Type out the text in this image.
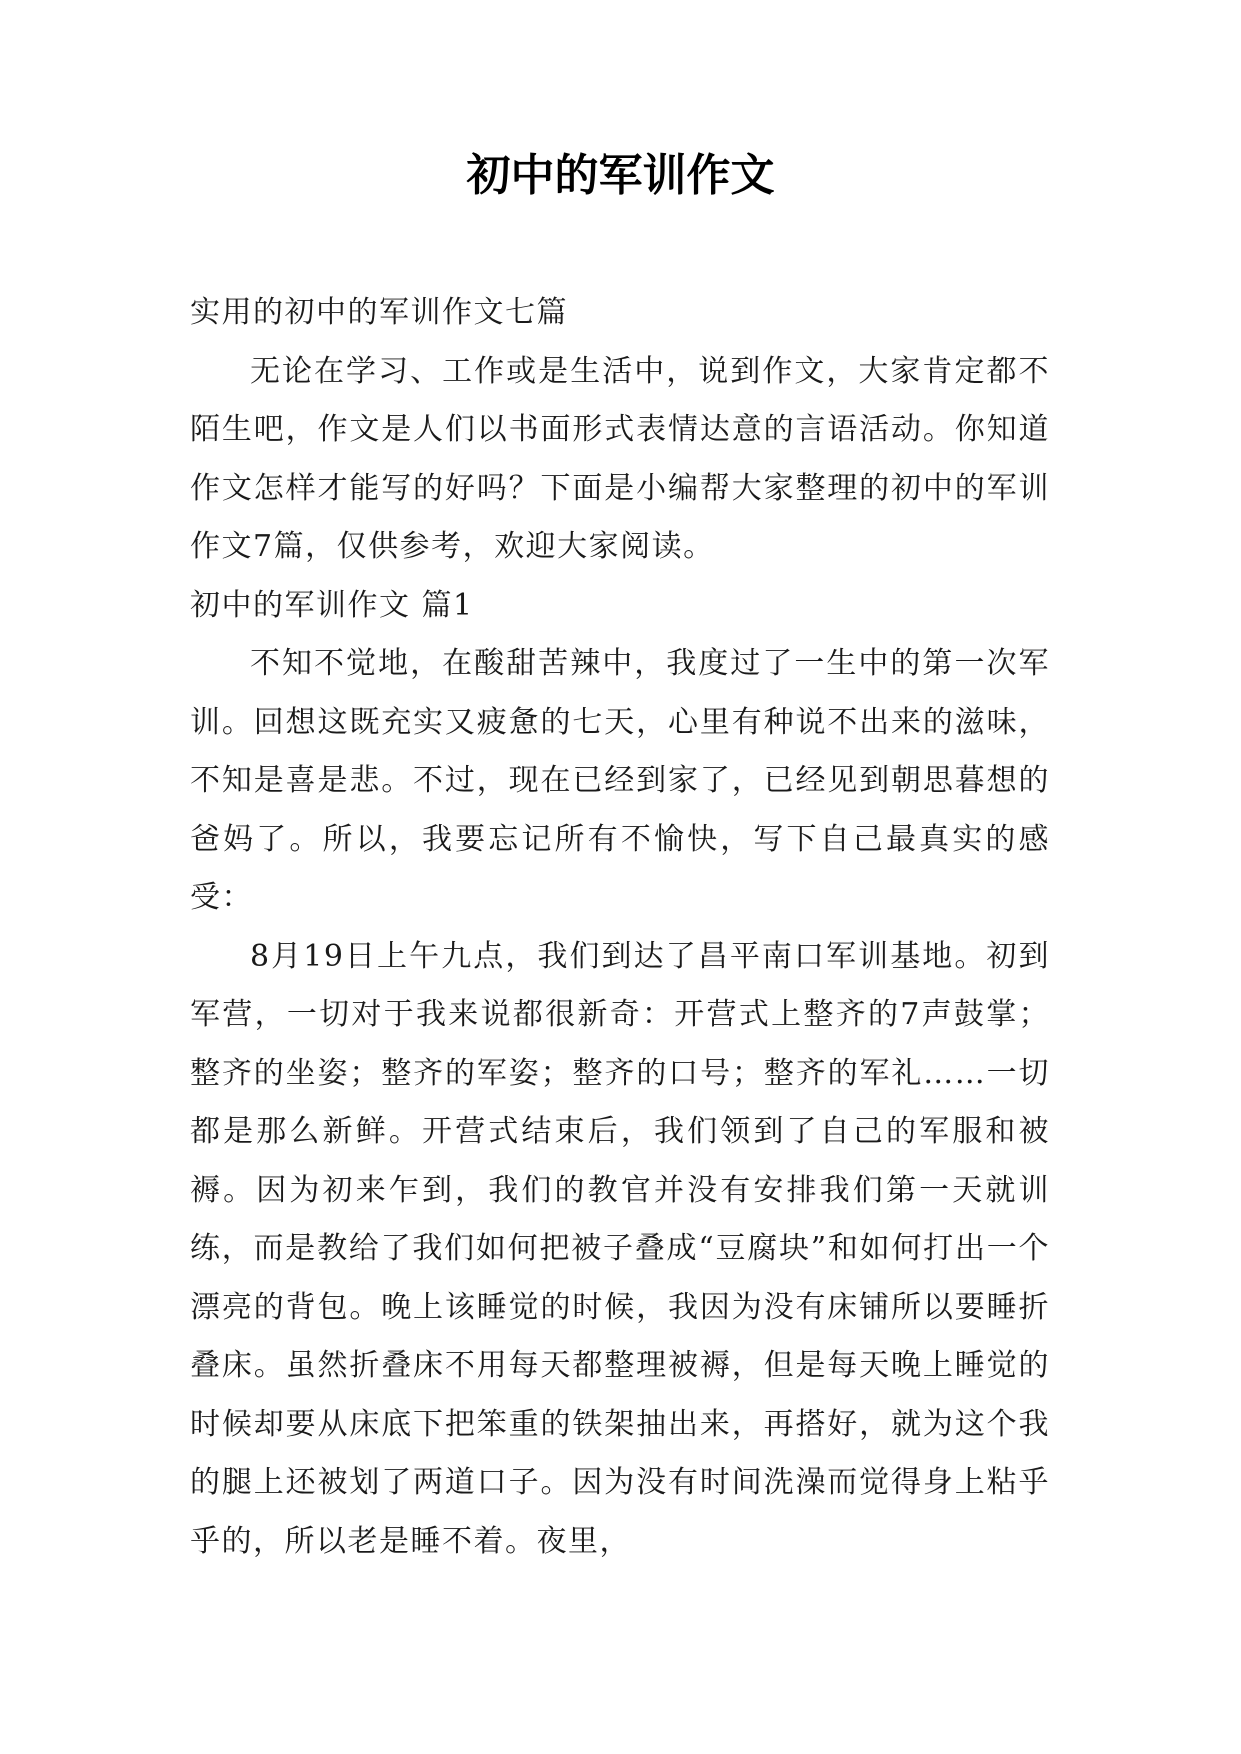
初中的军训作文

实用的初中的军训作文七篇

无论在学习、工作或是生活中，说到作文，大家肯定都不陌生吧，作文是人们以书面形式表情达意的言语活动。你知道作文怎样才能写的好吗？下面是小编帮大家整理的初中的军训作文7篇，仅供参考，欢迎大家阅读。

初中的军训作文 篇1

不知不觉地，在酸甜苦辣中，我度过了一生中的第一次军训。回想这既充实又疲惫的七天，心里有种说不出来的滋味，不知是喜是悲。不过，现在已经到家了，已经见到朝思暮想的爸妈了。所以，我要忘记所有不愉快，写下自己最真实的感受：

8月19日上午九点，我们到达了昌平南口军训基地。初到军营，一切对于我来说都很新奇：开营式上整齐的7声鼓掌；整齐的坐姿；整齐的军姿；整齐的口号；整齐的军礼……一切都是那么新鲜。开营式结束后，我们领到了自己的军服和被褥。因为初来乍到，我们的教官并没有安排我们第一天就训练，而是教给了我们如何把被子叠成“豆腐块”和如何打出一个漂亮的背包。晚上该睡觉的时候，我因为没有床铺所以要睡折叠床。虽然折叠床不用每天都整理被褥，但是每天晚上睡觉的时候却要从床底下把笨重的铁架抽出来，再搭好，就为这个我的腿上还被划了两道口子。因为没有时间洗澡而觉得身上粘乎乎的，所以老是睡不着。夜里，
